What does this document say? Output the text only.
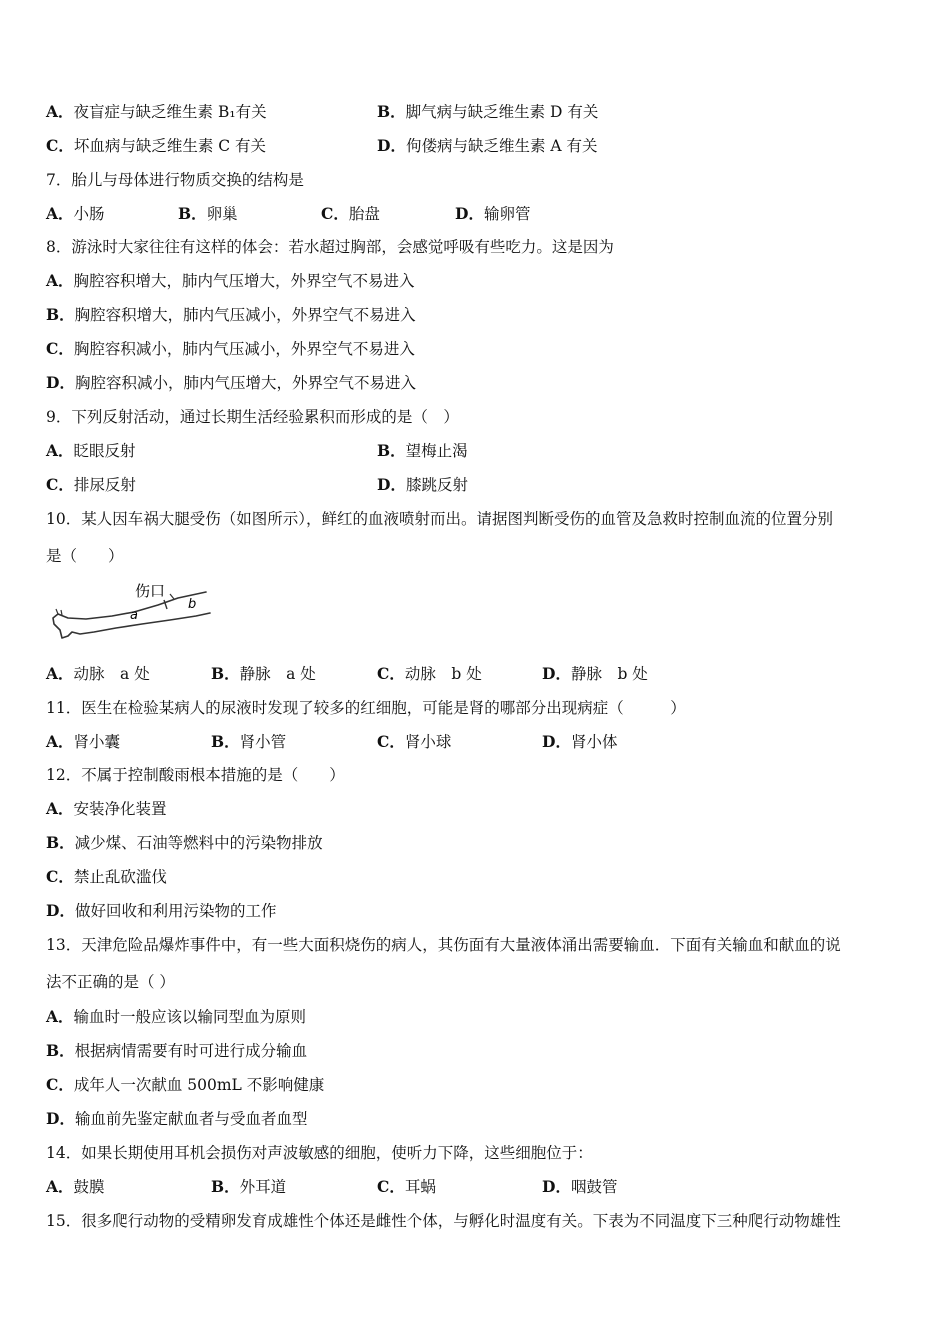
A．夜盲症与缺乏维生素 B₁有关	B．脚气病与缺乏维生素 D 有关
C．坏血病与缺乏维生素 C 有关	D．佝偻病与缺乏维生素 A 有关
7．胎儿与母体进行物质交换的结构是
A．小肠	B．卵巢	C．胎盘	D．输卵管
8．游泳时大家往往有这样的体会：若水超过胸部，会感觉呼吸有些吃力。这是因为
A．胸腔容积增大，肺内气压增大，外界空气不易进入
B．胸腔容积增大，肺内气压减小，外界空气不易进入
C．胸腔容积减小，肺内气压减小，外界空气不易进入
D．胸腔容积减小，肺内气压增大，外界空气不易进入
9．下列反射活动，通过长期生活经验累积而形成的是（　）
A．眨眼反射	B．望梅止渴
C．排尿反射	D．膝跳反射
10．某人因车祸大腿受伤（如图所示），鲜红的血液喷射而出。请据图判断受伤的血管及急救时控制血流的位置分别
是（　　）
伤口
a
b
A．动脉　a 处	B．静脉　a 处	C．动脉　b 处	D．静脉　b 处
11．医生在检验某病人的尿液时发现了较多的红细胞，可能是肾的哪部分出现病症（　　　）
A．肾小囊	B．肾小管	C．肾小球	D．肾小体
12．不属于控制酸雨根本措施的是（　　）
A．安装净化装置
B．减少煤、石油等燃料中的污染物排放
C．禁止乱砍滥伐
D．做好回收和利用污染物的工作
13．天津危险品爆炸事件中，有一些大面积烧伤的病人，其伤面有大量液体涌出需要输血．下面有关输血和献血的说
法不正确的是（ ）
A．输血时一般应该以输同型血为原则
B．根据病情需要有时可进行成分输血
C．成年人一次献血 500mL 不影响健康
D．输血前先鉴定献血者与受血者血型
14．如果长期使用耳机会损伤对声波敏感的细胞，使听力下降，这些细胞位于：
A．鼓膜	B．外耳道	C．耳蜗	D．咽鼓管
15．很多爬行动物的受精卵发育成雄性个体还是雌性个体，与孵化时温度有关。下表为不同温度下三种爬行动物雄性
